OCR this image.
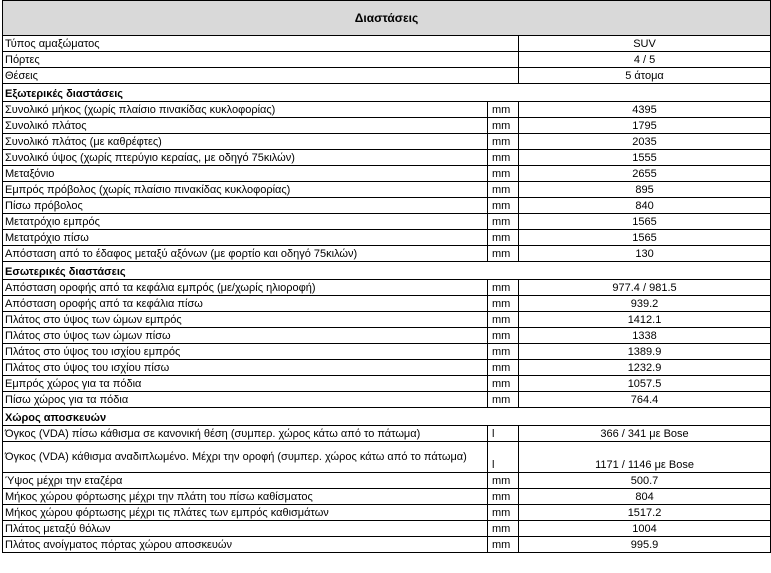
Διαστάσεις		
Τύπος αμαξώματος		SUV
Πόρτες		4 / 5
Θέσεις		5 άτομα
Εξωτερικές διαστάσεις		
Συνολικό μήκος (χωρίς πλαίσιο πινακίδας κυκλοφορίας)	mm	4395
Συνολικό πλάτος	mm	1795
Συνολικό πλάτος (με καθρέφτες)	mm	2035
Συνολικό ύψος (χωρίς πτερύγιο κεραίας, με οδηγό 75κιλών)	mm	1555
Μεταξόνιο	mm	2655
Εμπρός πρόβολος (χωρίς πλαίσιο πινακίδας κυκλοφορίας)	mm	895
Πίσω πρόβολος	mm	840
Μετατρόχιο εμπρός	mm	1565
Μετατρόχιο πίσω	mm	1565
Απόσταση από το έδαφος μεταξύ αξόνων (με φορτίο και οδηγό 75κιλών)	mm	130
Εσωτερικές διαστάσεις		
Απόσταση οροφής από τα κεφάλια εμπρός (με/χωρίς ηλιοροφή)	mm	977.4 / 981.5
Απόσταση οροφής από τα κεφάλια πίσω	mm	939.2
Πλάτος στο ύψος των ώμων εμπρός	mm	1412.1
Πλάτος στο ύψος των ώμων πίσω	mm	1338
Πλάτος στο ύψος του ισχίου εμπρός	mm	1389.9
Πλάτος στο ύψος του ισχίου πίσω	mm	1232.9
Εμπρός χώρος για τα πόδια	mm	1057.5
Πίσω χώρος για τα πόδια	mm	764.4
Χώρος αποσκευών		
Όγκος (VDA) πίσω κάθισμα σε κανονική θέση (συμπερ. χώρος κάτω από το πάτωμα)	l	366 / 341 με Bose
Όγκος (VDA) κάθισμα αναδιπλωμένο. Μέχρι την οροφή (συμπερ. χώρος κάτω από το πάτωμα)	l	1171 / 1146 με Bose
Ύψος μέχρι την εταζέρα	mm	500.7
Μήκος χώρου φόρτωσης μέχρι την πλάτη του πίσω καθίσματος	mm	804
Μήκος χώρου φόρτωσης μέχρι τις πλάτες των εμπρός καθισμάτων	mm	1517.2
Πλάτος μεταξύ θόλων	mm	1004
Πλάτος ανοίγματος πόρτας χώρου αποσκευών	mm	995.9
